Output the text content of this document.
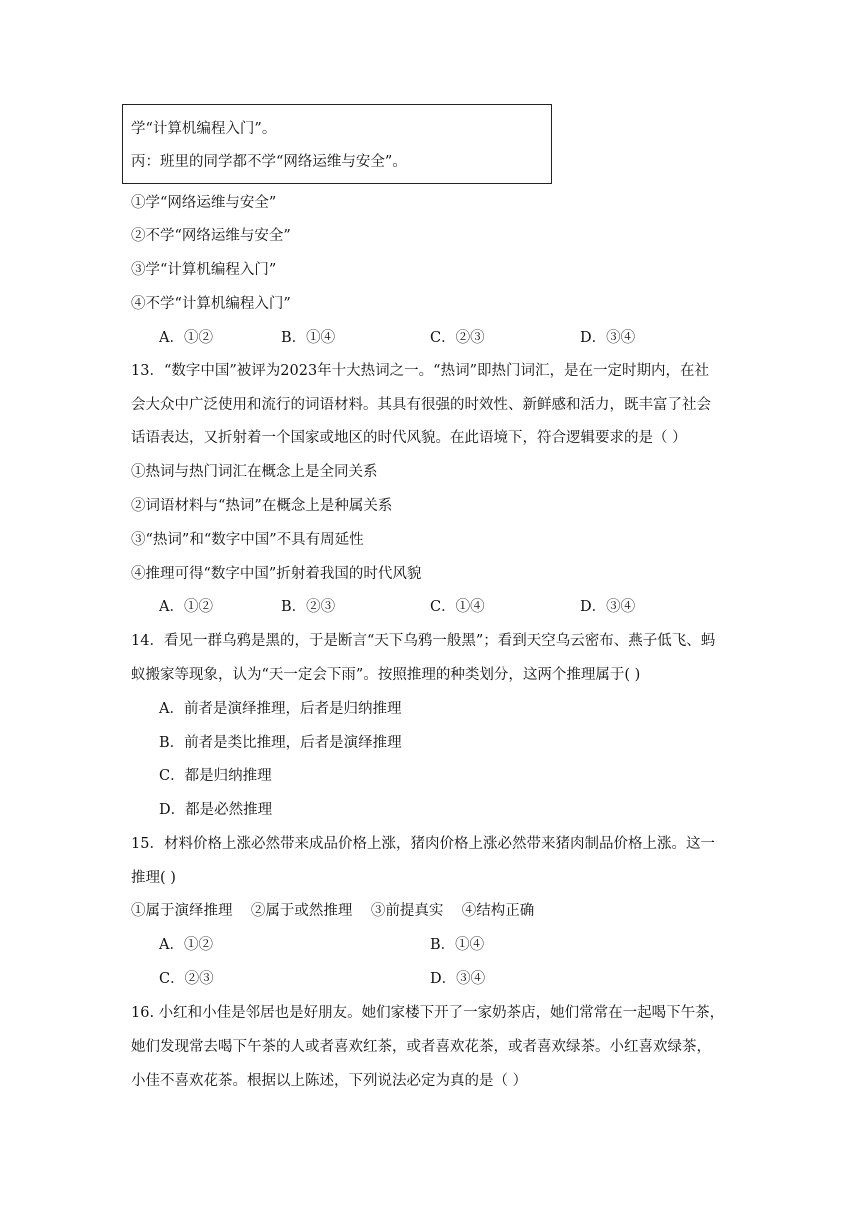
学“计算机编程入门”。
丙：班里的同学都不学“网络运维与安全”。
①学“网络运维与安全”
②不学“网络运维与安全”
③学“计算机编程入门”
④不学“计算机编程入门”
A．①②	B．①④	C．②③	D．③④
13．“数字中国”被评为2023年十大热词之一。“热词”即热门词汇，是在一定时期内，在社
会大众中广泛使用和流行的词语材料。其具有很强的时效性、新鲜感和活力，既丰富了社会
话语表达，又折射着一个国家或地区的时代风貌。在此语境下，符合逻辑要求的是（ ）
①热词与热门词汇在概念上是全同关系
②词语材料与“热词”在概念上是种属关系
③“热词”和“数字中国”不具有周延性
④推理可得“数字中国”折射着我国的时代风貌
A．①②	B．②③	C．①④	D．③④
14．看见一群乌鸦是黑的，于是断言“天下乌鸦一般黑”；看到天空乌云密布、燕子低飞、蚂
蚁搬家等现象，认为“天一定会下雨”。按照推理的种类划分，这两个推理属于( )
A．前者是演绎推理，后者是归纳推理
B．前者是类比推理，后者是演绎推理
C．都是归纳推理
D．都是必然推理
15．材料价格上涨必然带来成品价格上涨，猪肉价格上涨必然带来猪肉制品价格上涨。这一
推理( )
①属于演绎推理    ②属于或然推理    ③前提真实    ④结构正确
A．①②	B．①④
C．②③	D．③④
16. 小红和小佳是邻居也是好朋友。她们家楼下开了一家奶茶店，她们常常在一起喝下午茶，
她们发现常去喝下午茶的人或者喜欢红茶，或者喜欢花茶，或者喜欢绿茶。小红喜欢绿茶，
小佳不喜欢花茶。根据以上陈述，下列说法必定为真的是（ ）
